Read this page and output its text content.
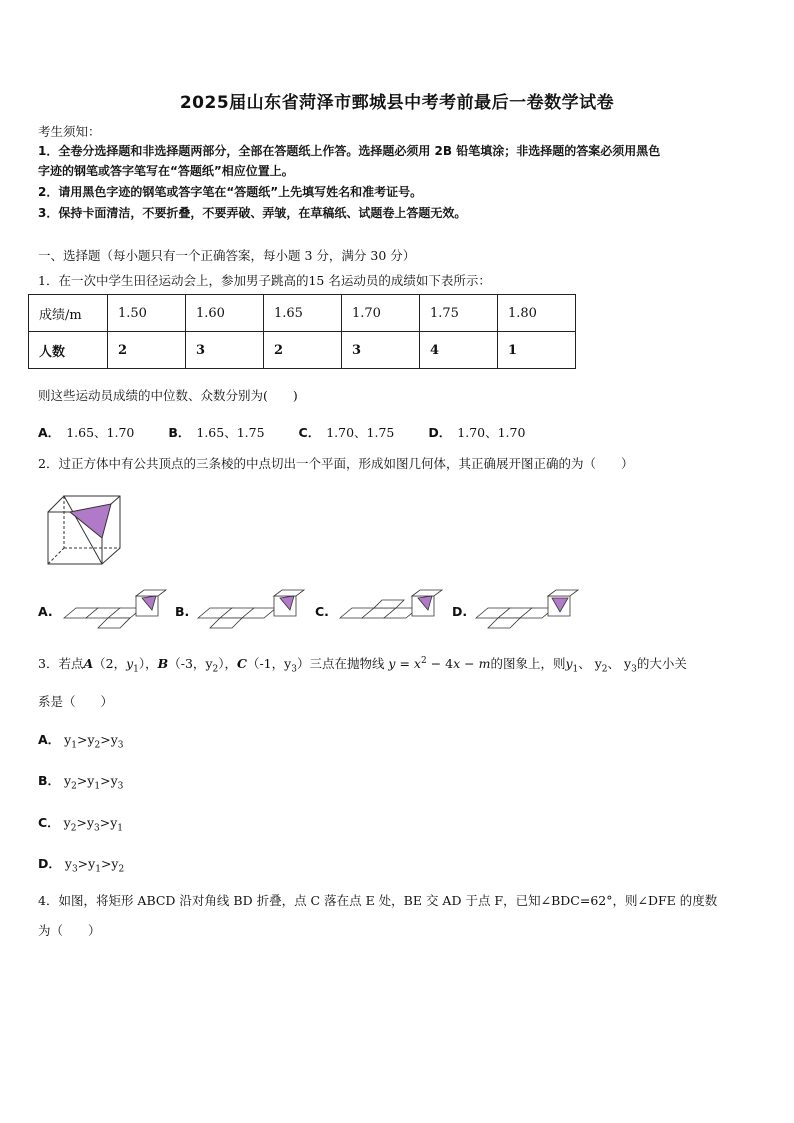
2025届山东省菏泽市鄄城县中考考前最后一卷数学试卷
考生须知：
1．全卷分选择题和非选择题两部分，全部在答题纸上作答。选择题必须用 2B 铅笔填涂；非选择题的答案必须用黑色
字迹的钢笔或答字笔写在“答题纸”相应位置上。
2．请用黑色字迹的钢笔或答字笔在“答题纸”上先填写姓名和准考证号。
3．保持卡面清洁，不要折叠，不要弄破、弄皱，在草稿纸、试题卷上答题无效。
一、选择题（每小题只有一个正确答案，每小题 3 分，满分 30 分）
1．在一次中学生田径运动会上，参加男子跳高的15 名运动员的成绩如下表所示：
成绩/m	1.50	1.60	1.65	1.70	1.75	1.80
人数	2	3	2	3	4	1
则这些运动员成绩的中位数、众数分别为(　　)
A． 1.65、1.70	B． 1.65、1.75	C． 1.70、1.75	D． 1.70、1.70
2．过正方体中有公共顶点的三条棱的中点切出一个平面，形成如图几何体，其正确展开图正确的为（　　）
A.	B.	C.	D.
3．若点A（2，$y_1$），B（-3，$y_2$），C（-1，$y_3$）三点在抛物线 $y = x^2 - 4x - m$的图象上，则$y_1$、 $y_2$、 $y_3$的大小关
系是（　　）
A． $y_1>y_2>y_3$
B． $y_2>y_1>y_3$
C． $y_2>y_3>y_1$
D． $y_3>y_1>y_2$
4．如图，将矩形 ABCD 沿对角线 BD 折叠，点 C 落在点 E 处，BE 交 AD 于点 F，已知∠BDC=62°，则∠DFE 的度数
为（　　）
